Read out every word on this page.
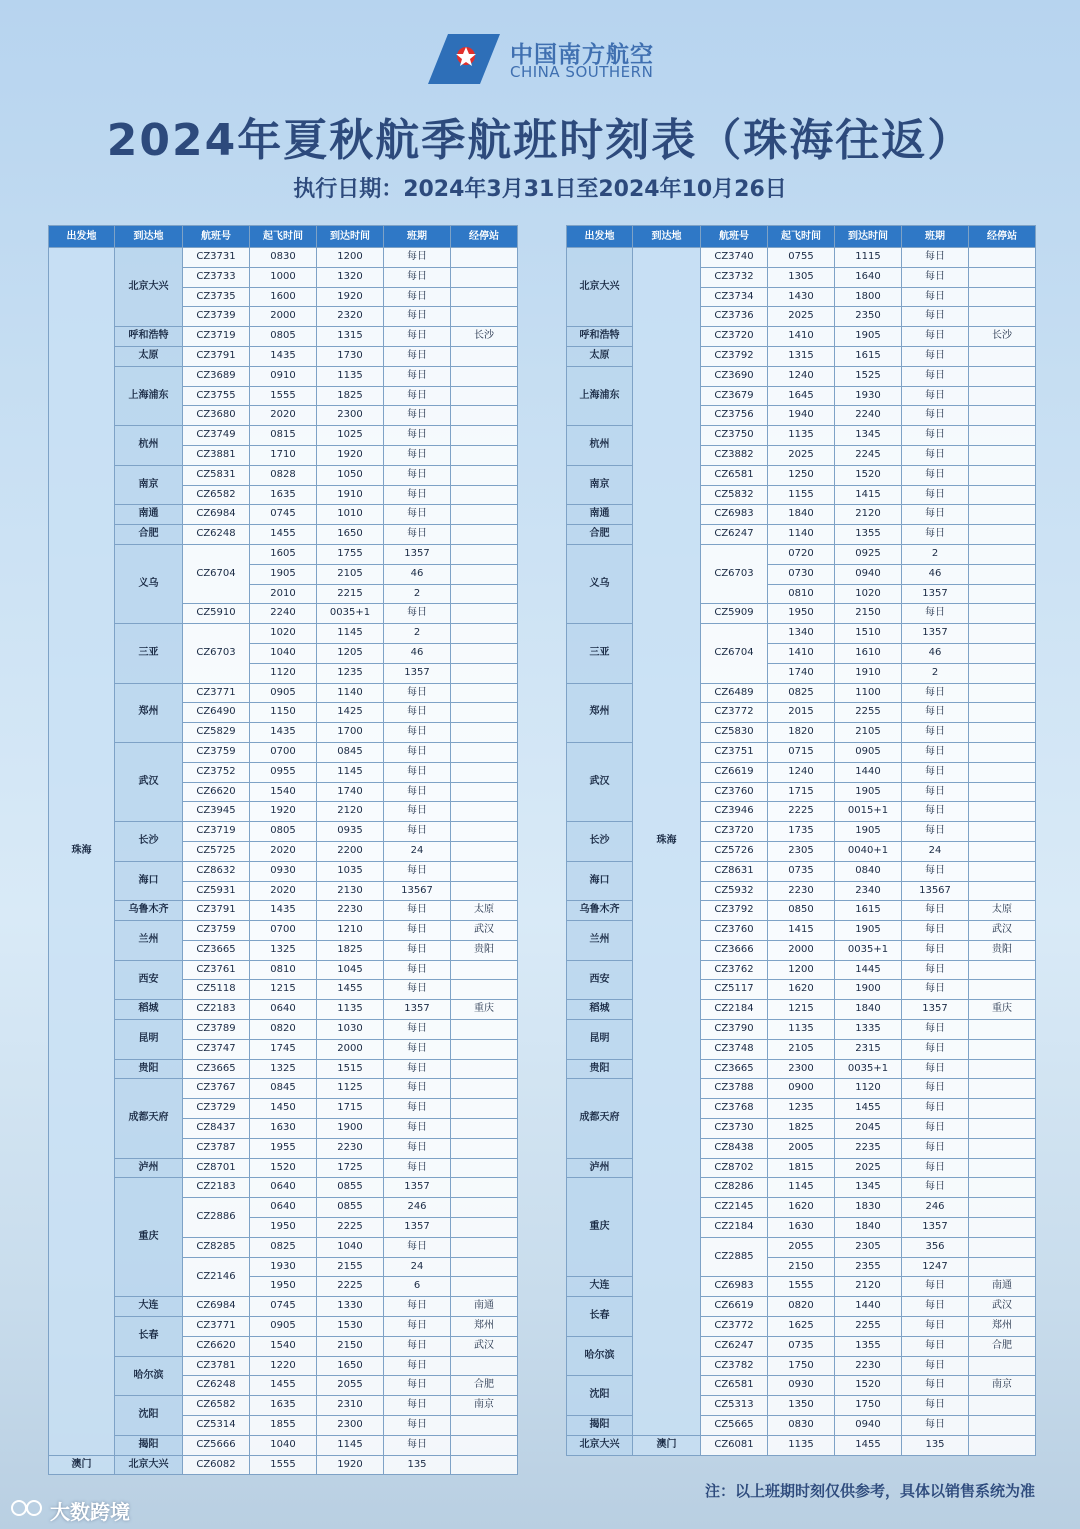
中国南方航空
CHINA SOUTHERN
2024年夏秋航季航班时刻表（珠海往返）
执行日期：2024年3月31日至2024年10月26日
出发地	到达地	航班号	起飞时间	到达时间	班期	经停站
珠海	北京大兴	CZ3731	0830	1200	每日	
		CZ3733	1000	1320	每日	
		CZ3735	1600	1920	每日	
		CZ3739	2000	2320	每日	
	呼和浩特	CZ3719	0805	1315	每日	长沙
	太原	CZ3791	1435	1730	每日	
	上海浦东	CZ3689	0910	1135	每日	
		CZ3755	1555	1825	每日	
		CZ3680	2020	2300	每日	
	杭州	CZ3749	0815	1025	每日	
		CZ3881	1710	1920	每日	
	南京	CZ5831	0828	1050	每日	
		CZ6582	1635	1910	每日	
	南通	CZ6984	0745	1010	每日	
	合肥	CZ6248	1455	1650	每日	
	义乌	CZ6704	1605	1755	1357	
			1905	2105	46	
			2010	2215	2	
		CZ5910	2240	0035+1	每日	
	三亚	CZ6703	1020	1145	2	
			1040	1205	46	
			1120	1235	1357	
	郑州	CZ3771	0905	1140	每日	
		CZ6490	1150	1425	每日	
		CZ5829	1435	1700	每日	
	武汉	CZ3759	0700	0845	每日	
		CZ3752	0955	1145	每日	
		CZ6620	1540	1740	每日	
		CZ3945	1920	2120	每日	
	长沙	CZ3719	0805	0935	每日	
		CZ5725	2020	2200	24	
	海口	CZ8632	0930	1035	每日	
		CZ5931	2020	2130	13567	
	乌鲁木齐	CZ3791	1435	2230	每日	太原
	兰州	CZ3759	0700	1210	每日	武汉
		CZ3665	1325	1825	每日	贵阳
	西安	CZ3761	0810	1045	每日	
		CZ5118	1215	1455	每日	
	稻城	CZ2183	0640	1135	1357	重庆
	昆明	CZ3789	0820	1030	每日	
		CZ3747	1745	2000	每日	
	贵阳	CZ3665	1325	1515	每日	
	成都天府	CZ3767	0845	1125	每日	
		CZ3729	1450	1715	每日	
		CZ8437	1630	1900	每日	
		CZ3787	1955	2230	每日	
	泸州	CZ8701	1520	1725	每日	
	重庆	CZ2183	0640	0855	1357	
		CZ2886	0640	0855	246	
			1950	2225	1357	
		CZ8285	0825	1040	每日	
		CZ2146	1930	2155	24	
			1950	2225	6	
	大连	CZ6984	0745	1330	每日	南通
	长春	CZ3771	0905	1530	每日	郑州
		CZ6620	1540	2150	每日	武汉
	哈尔滨	CZ3781	1220	1650	每日	
		CZ6248	1455	2055	每日	合肥
	沈阳	CZ6582	1635	2310	每日	南京
		CZ5314	1855	2300	每日	
	揭阳	CZ5666	1040	1145	每日	
澳门	北京大兴	CZ6082	1555	1920	135	
出发地	到达地	航班号	起飞时间	到达时间	班期	经停站
北京大兴	珠海	CZ3740	0755	1115	每日	
		CZ3732	1305	1640	每日	
		CZ3734	1430	1800	每日	
		CZ3736	2025	2350	每日	
呼和浩特		CZ3720	1410	1905	每日	长沙
太原		CZ3792	1315	1615	每日	
上海浦东		CZ3690	1240	1525	每日	
		CZ3679	1645	1930	每日	
		CZ3756	1940	2240	每日	
杭州		CZ3750	1135	1345	每日	
		CZ3882	2025	2245	每日	
南京		CZ6581	1250	1520	每日	
		CZ5832	1155	1415	每日	
南通		CZ6983	1840	2120	每日	
合肥		CZ6247	1140	1355	每日	
义乌		CZ6703	0720	0925	2	
			0730	0940	46	
			0810	1020	1357	
		CZ5909	1950	2150	每日	
三亚		CZ6704	1340	1510	1357	
			1410	1610	46	
			1740	1910	2	
郑州		CZ6489	0825	1100	每日	
		CZ3772	2015	2255	每日	
		CZ5830	1820	2105	每日	
武汉		CZ3751	0715	0905	每日	
		CZ6619	1240	1440	每日	
		CZ3760	1715	1905	每日	
		CZ3946	2225	0015+1	每日	
长沙		CZ3720	1735	1905	每日	
		CZ5726	2305	0040+1	24	
海口		CZ8631	0735	0840	每日	
		CZ5932	2230	2340	13567	
乌鲁木齐		CZ3792	0850	1615	每日	太原
兰州		CZ3760	1415	1905	每日	武汉
		CZ3666	2000	0035+1	每日	贵阳
西安		CZ3762	1200	1445	每日	
		CZ5117	1620	1900	每日	
稻城		CZ2184	1215	1840	1357	重庆
昆明		CZ3790	1135	1335	每日	
		CZ3748	2105	2315	每日	
贵阳		CZ3665	2300	0035+1	每日	
成都天府		CZ3788	0900	1120	每日	
		CZ3768	1235	1455	每日	
		CZ3730	1825	2045	每日	
		CZ8438	2005	2235	每日	
泸州		CZ8702	1815	2025	每日	
重庆		CZ8286	1145	1345	每日	
		CZ2145	1620	1830	246	
		CZ2184	1630	1840	1357	
		CZ2885	2055	2305	356	
			2150	2355	1247	
大连		CZ6983	1555	2120	每日	南通
长春		CZ6619	0820	1440	每日	武汉
		CZ3772	1625	2255	每日	郑州
哈尔滨		CZ6247	0735	1355	每日	合肥
		CZ3782	1750	2230	每日	
沈阳		CZ6581	0930	1520	每日	南京
		CZ5313	1350	1750	每日	
揭阳		CZ5665	0830	0940	每日	
北京大兴	澳门	CZ6081	1135	1455	135	
注：以上班期时刻仅供参考，具体以销售系统为准
大数跨境
